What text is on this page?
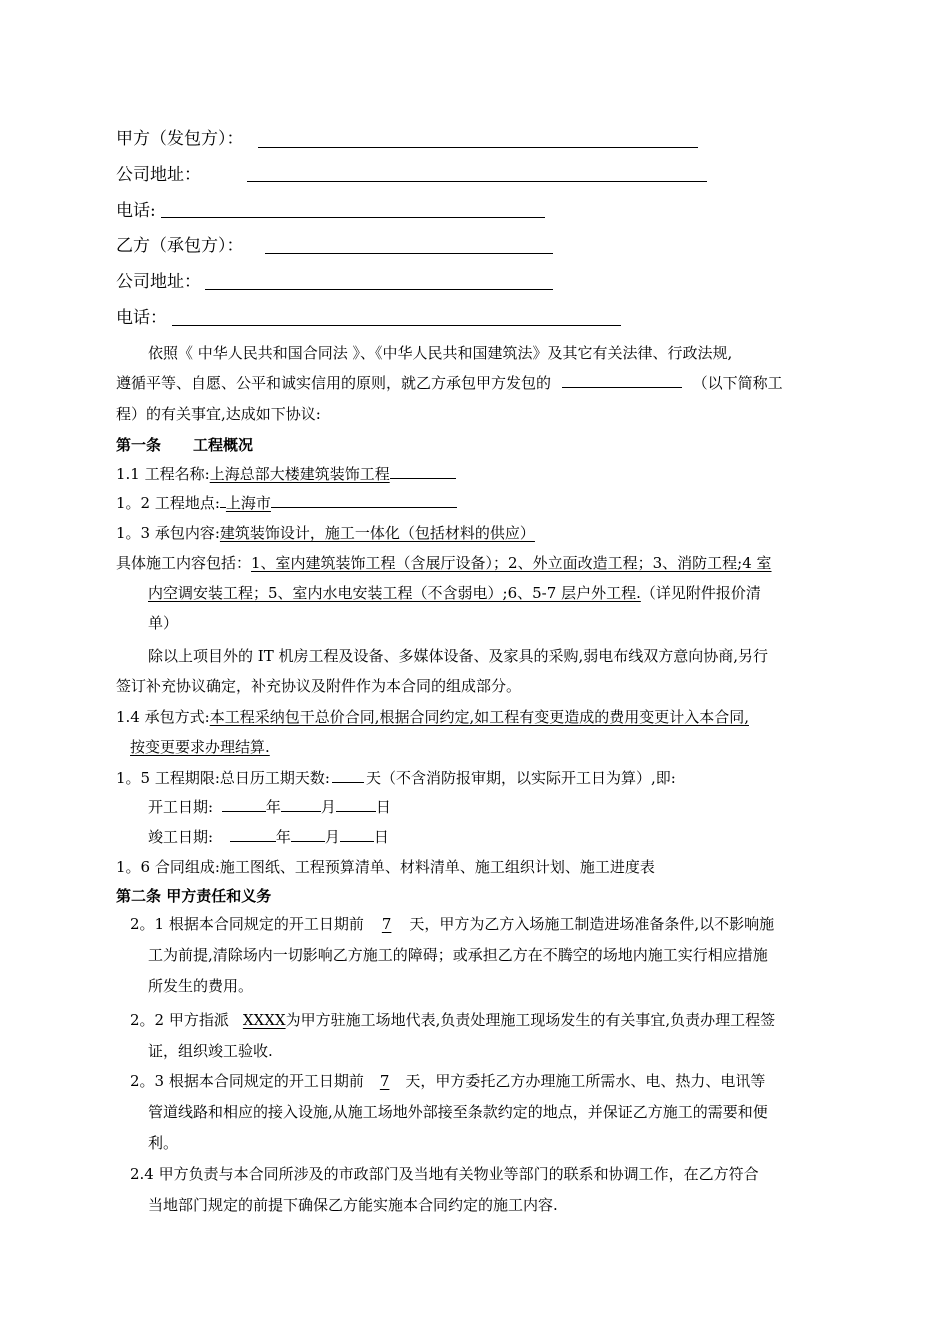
甲方（发包方）：
公司地址：
电话:
乙方（承包方）：
公司地址：
电话：
依照《 中华人民共和国合同法 》、《中华人民共和国建筑法》及其它有关法律、行政法规,
遵循平等、自愿、公平和诚实信用的原则，就乙方承包甲方发包的	（以下简称工
程）的有关事宜,达成如下协议:
第一条 工程概况
1.1 工程名称:上海总部大楼建筑装饰工程
1。2 工程地点: 上海市
1。3 承包内容:建筑装饰设计，施工一体化（包括材料的供应）
具体施工内容包括：1、室内建筑装饰工程（含展厅设备）；2、外立面改造工程；3、消防工程;4 室
内空调安装工程；5、室内水电安装工程（不含弱电）;6、5-7 层户外工程.（详见附件报价清
单）
除以上项目外的 IT 机房工程及设备、多媒体设备、及家具的采购,弱电布线双方意向协商,另行
签订补充协议确定，补充协议及附件作为本合同的组成部分。
1.4 承包方式:本工程采纳包干总价合同,根据合同约定,如工程有变更造成的费用变更计入本合同,
按变更要求办理结算.
1。5 工程期限:总日历工期天数: 天（不含消防报审期，以实际开工日为算）,即:
开工日期:	年	月	日
竣工日期:	年 月 日
1。6 合同组成:施工图纸、工程预算清单、材料清单、施工组织计划、施工进度表
第二条 甲方责任和义务
2。1 根据本合同规定的开工日期前 7 天，甲方为乙方入场施工制造进场准备条件,以不影响施
工为前提,清除场内一切影响乙方施工的障碍；或承担乙方在不腾空的场地内施工实行相应措施
所发生的费用。
2。2 甲方指派 XXXX为甲方驻施工场地代表,负责处理施工现场发生的有关事宜,负责办理工程签
证，组织竣工验收.
2。3 根据本合同规定的开工日期前 7 天，甲方委托乙方办理施工所需水、电、热力、电讯等
管道线路和相应的接入设施,从施工场地外部接至条款约定的地点，并保证乙方施工的需要和便
利。
2.4 甲方负责与本合同所涉及的市政部门及当地有关物业等部门的联系和协调工作，在乙方符合
当地部门规定的前提下确保乙方能实施本合同约定的施工内容.
